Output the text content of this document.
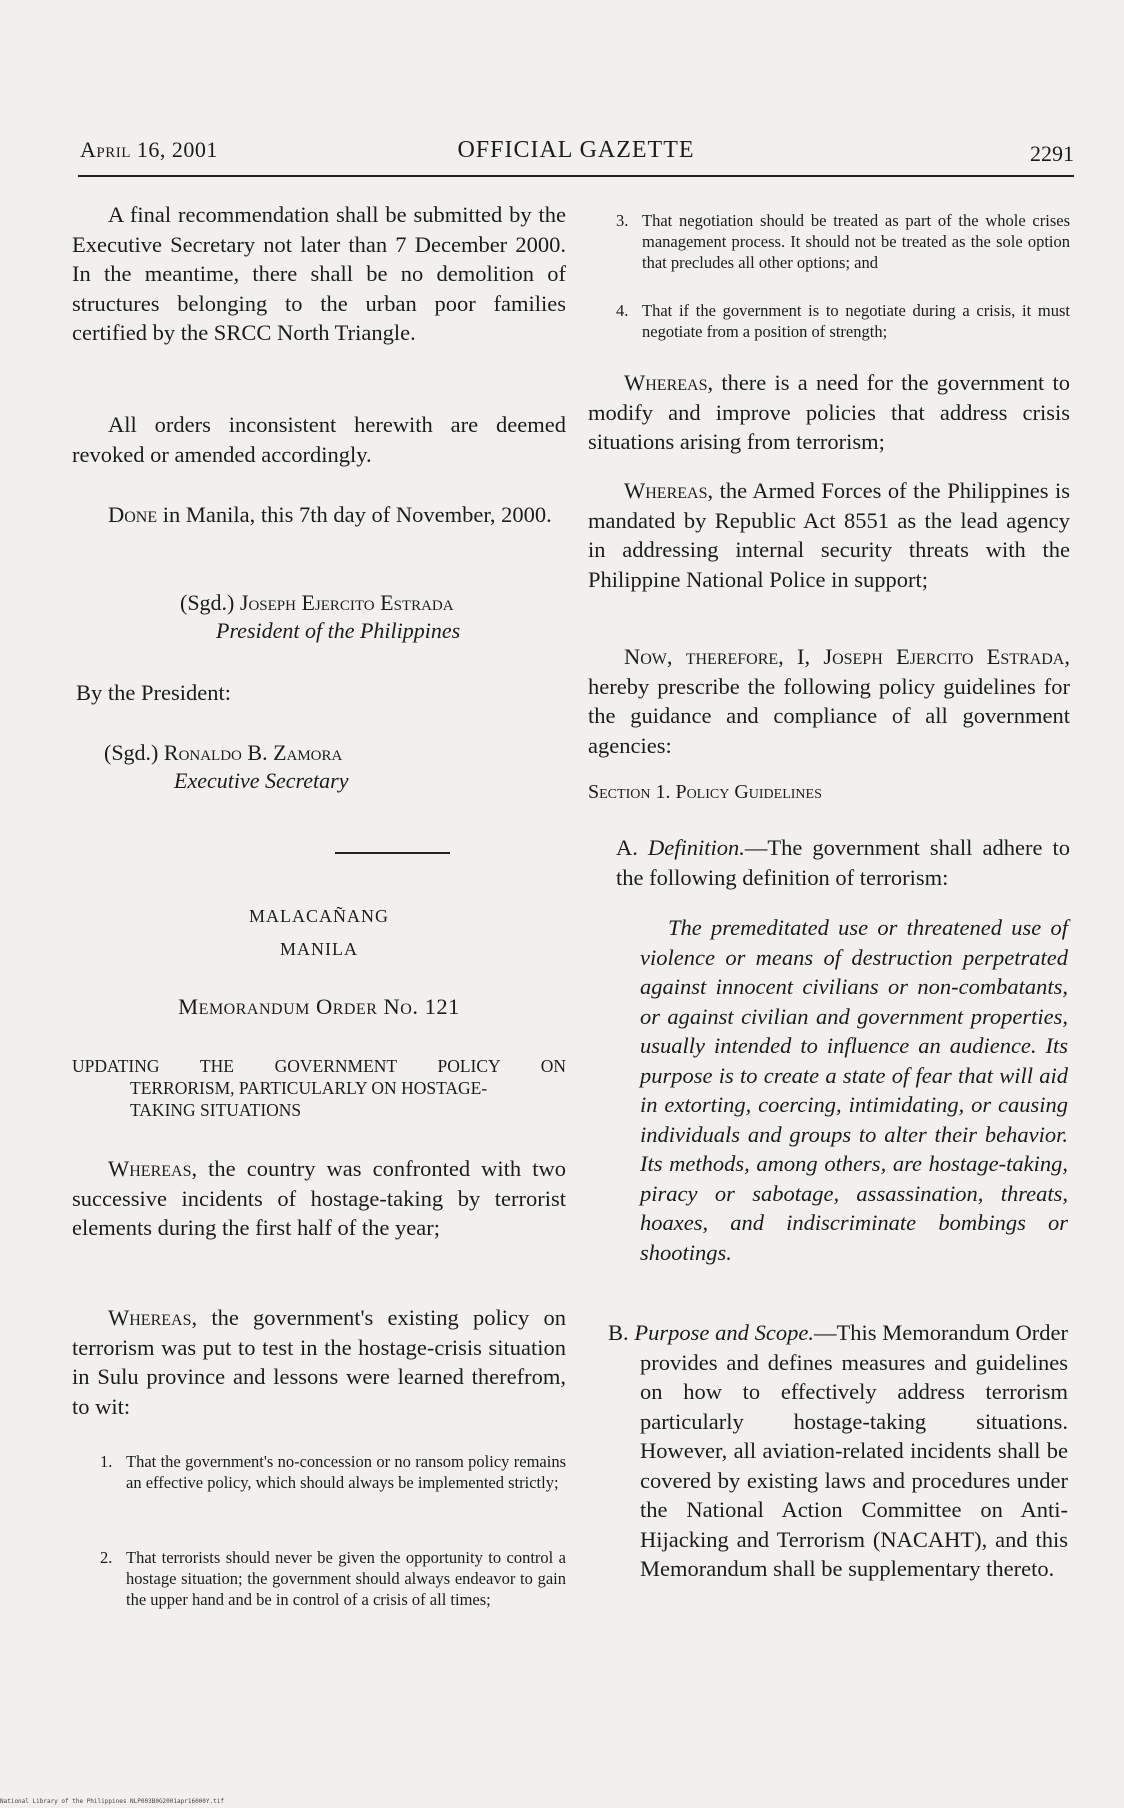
April 16, 2001	OFFICIAL GAZETTE	2291

A final recommendation shall be submitted by the Executive Secretary not later than 7 December 2000. In the meantime, there shall be no demolition of structures belonging to the urban poor families certified by the SRCC North Triangle.

All orders inconsistent herewith are deemed revoked or amended accordingly.

Done in Manila, this 7th day of November, 2000.

(Sgd.) Joseph Ejercito Estrada
President of the Philippines

By the President:

(Sgd.) Ronaldo B. Zamora
Executive Secretary
MALACAÑANG
MANILA
Memorandum Order No. 121
UPDATING THE GOVERNMENT POLICY ON
TERRORISM, PARTICULARLY ON HOSTAGE-
TAKING SITUATIONS

Whereas, the country was confronted with two successive incidents of hostage-taking by terrorist elements during the first half of the year;

Whereas, the government's existing policy on terrorism was put to test in the hostage-crisis situation in Sulu province and lessons were learned therefrom, to wit:

1. That the government's no-concession or no ransom policy remains an effective policy, which should always be implemented strictly;
2. That terrorists should never be given the opportunity to control a hostage situation; the government should always endeavor to gain the upper hand and be in control of a crisis of all times;
3. That negotiation should be treated as part of the whole crises management process. It should not be treated as the sole option that precludes all other options; and
4. That if the government is to negotiate during a crisis, it must negotiate from a position of strength;

Whereas, there is a need for the government to modify and improve policies that address crisis situations arising from terrorism;

Whereas, the Armed Forces of the Philippines is mandated by Republic Act 8551 as the lead agency in addressing internal security threats with the Philippine National Police in support;

Now, therefore, I, Joseph Ejercito Estrada, hereby prescribe the following policy guidelines for the guidance and compliance of all government agencies:

Section 1. Policy Guidelines

A. Definition.—The government shall adhere to the following definition of terrorism:

The premeditated use or threatened use of violence or means of destruction perpetrated against innocent civilians or non-combatants, or against civilian and government properties, usually intended to influence an audience. Its purpose is to create a state of fear that will aid in extorting, coercing, intimidating, or causing individuals and groups to alter their behavior. Its methods, among others, are hostage-taking, piracy or sabotage, assassination, threats, hoaxes, and indiscriminate bombings or shootings.

B. Purpose and Scope.—This Memorandum Order provides and defines measures and guidelines on how to effectively address terrorism particularly hostage-taking situations. However, all aviation-related incidents shall be covered by existing laws and procedures under the National Action Committee on Anti-Hijacking and Terrorism (NACAHT), and this Memorandum shall be supplementary thereto.

National Library of the Philippines NLP003B0G2001apr16000Y.tif
